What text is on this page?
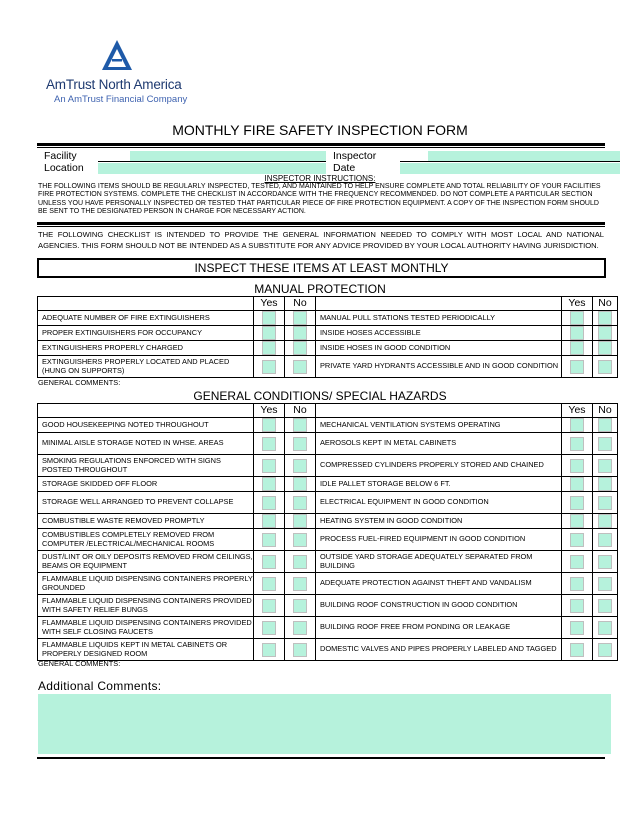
AmTrust North America
An AmTrust Financial Company
MONTHLY FIRE SAFETY INSPECTION FORM
Facility
Location
Inspector
Date
INSPECTOR INSTRUCTIONS:
THE FOLLOWING ITEMS SHOULD BE REGULARLY INSPECTED, TESTED, AND MAINTAINED TO HELP ENSURE COMPLETE AND TOTAL RELIABILITY OF YOUR FACILITIES FIRE PROTECTION SYSTEMS. COMPLETE THE CHECKLIST IN ACCORDANCE WITH THE FREQUENCY RECOMMENDED. DO NOT COMPLETE A PARTICULAR SECTION UNLESS YOU HAVE PERSONALLY INSPECTED OR TESTED THAT PARTICULAR PIECE OF FIRE PROTECTION EQUIPMENT. A COPY OF THE INSPECTION FORM SHOULD BE SENT TO THE DESIGNATED PERSON IN CHARGE FOR NECESSARY ACTION.
THE FOLLOWING CHECKLIST IS INTENDED TO PROVIDE THE GENERAL INFORMATION NEEDED TO COMPLY WITH MOST LOCAL AND NATIONAL AGENCIES. THIS FORM SHOULD NOT BE INTENDED AS A SUBSTITUTE FOR ANY ADVICE PROVIDED BY YOUR LOCAL AUTHORITY HAVING JURISDICTION.
INSPECT THESE ITEMS AT LEAST MONTHLY
MANUAL PROTECTION
	Yes	No		Yes	No
ADEQUATE NUMBER OF FIRE EXTINGUISHERS			MANUAL PULL STATIONS TESTED PERIODICALLY		
PROPER EXTINGUISHERS FOR OCCUPANCY			INSIDE HOSES ACCESSIBLE		
EXTINGUISHERS PROPERLY CHARGED			INSIDE HOSES IN GOOD CONDITION		
EXTINGUISHERS PROPERLY LOCATED AND PLACED (HUNG ON SUPPORTS)			PRIVATE YARD HYDRANTS ACCESSIBLE AND IN GOOD CONDITION		
GENERAL COMMENTS:
GENERAL CONDITIONS/ SPECIAL HAZARDS
	Yes	No		Yes	No
GOOD HOUSEKEEPING NOTED THROUGHOUT			MECHANICAL VENTILATION SYSTEMS OPERATING		
MINIMAL AISLE STORAGE NOTED IN WHSE. AREAS			AEROSOLS KEPT IN METAL CABINETS		
SMOKING REGULATIONS ENFORCED WITH SIGNS POSTED THROUGHOUT			COMPRESSED CYLINDERS PROPERLY STORED AND CHAINED		
STORAGE SKIDDED OFF FLOOR			IDLE PALLET STORAGE BELOW 6 FT.		
STORAGE WELL ARRANGED TO PREVENT COLLAPSE			ELECTRICAL EQUIPMENT IN GOOD CONDITION		
COMBUSTIBLE WASTE REMOVED PROMPTLY			HEATING SYSTEM IN GOOD CONDITION		
COMBUSTIBLES COMPLETELY REMOVED FROM COMPUTER /ELECTRICAL/MECHANICAL ROOMS			PROCESS FUEL-FIRED EQUIPMENT IN GOOD CONDITION		
DUST/LINT OR OILY DEPOSITS REMOVED FROM CEILINGS, BEAMS OR EQUIPMENT			OUTSIDE YARD STORAGE ADEQUATELY SEPARATED FROM BUILDING		
FLAMMABLE LIQUID DISPENSING CONTAINERS PROPERLY GROUNDED			ADEQUATE PROTECTION AGAINST THEFT AND VANDALISM		
FLAMMABLE LIQUID DISPENSING CONTAINERS PROVIDED WITH SAFETY RELIEF BUNGS			BUILDING ROOF CONSTRUCTION IN GOOD CONDITION		
FLAMMABLE LIQUID DISPENSING CONTAINERS PROVIDED WITH SELF CLOSING FAUCETS			BUILDING ROOF FREE FROM PONDING OR LEAKAGE		
FLAMMABLE LIQUIDS KEPT IN METAL CABINETS OR PROPERLY DESIGNED ROOM			DOMESTIC VALVES AND PIPES PROPERLY LABELED AND TAGGED		
GENERAL COMMENTS:
Additional Comments:
